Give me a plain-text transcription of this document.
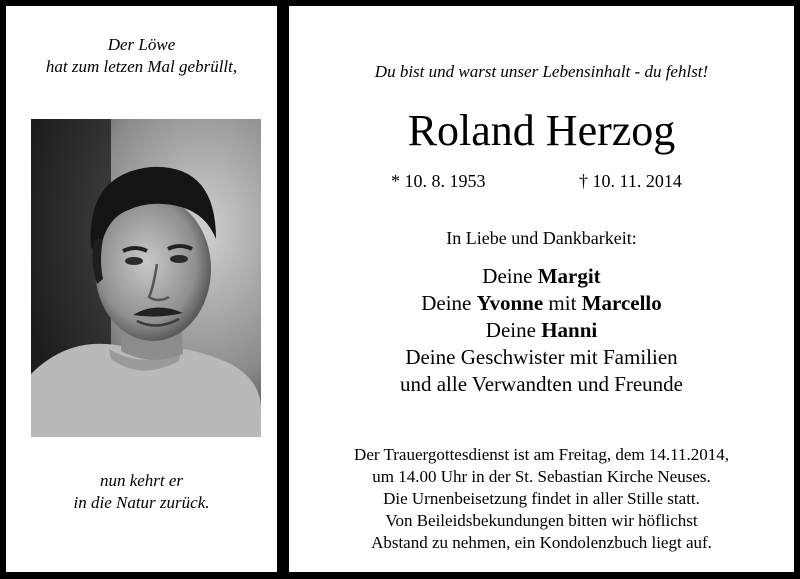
Der Löwe
hat zum letzen Mal gebrüllt,
nun kehrt er
in die Natur zurück.
Du bist und warst unser Lebensinhalt - du fehlst!
Roland Herzog
* 10. 8. 1953	† 10. 11. 2014
In Liebe und Dankbarkeit:
Deine Margit
Deine Yvonne mit Marcello
Deine Hanni
Deine Geschwister mit Familien
und alle Verwandten und Freunde
Der Trauergottesdienst ist am Freitag, dem 14.11.2014,
um 14.00 Uhr in der St. Sebastian Kirche Neuses.
Die Urnenbeisetzung findet in aller Stille statt.
Von Beileidsbekundungen bitten wir höflichst
Abstand zu nehmen, ein Kondolenzbuch liegt auf.
